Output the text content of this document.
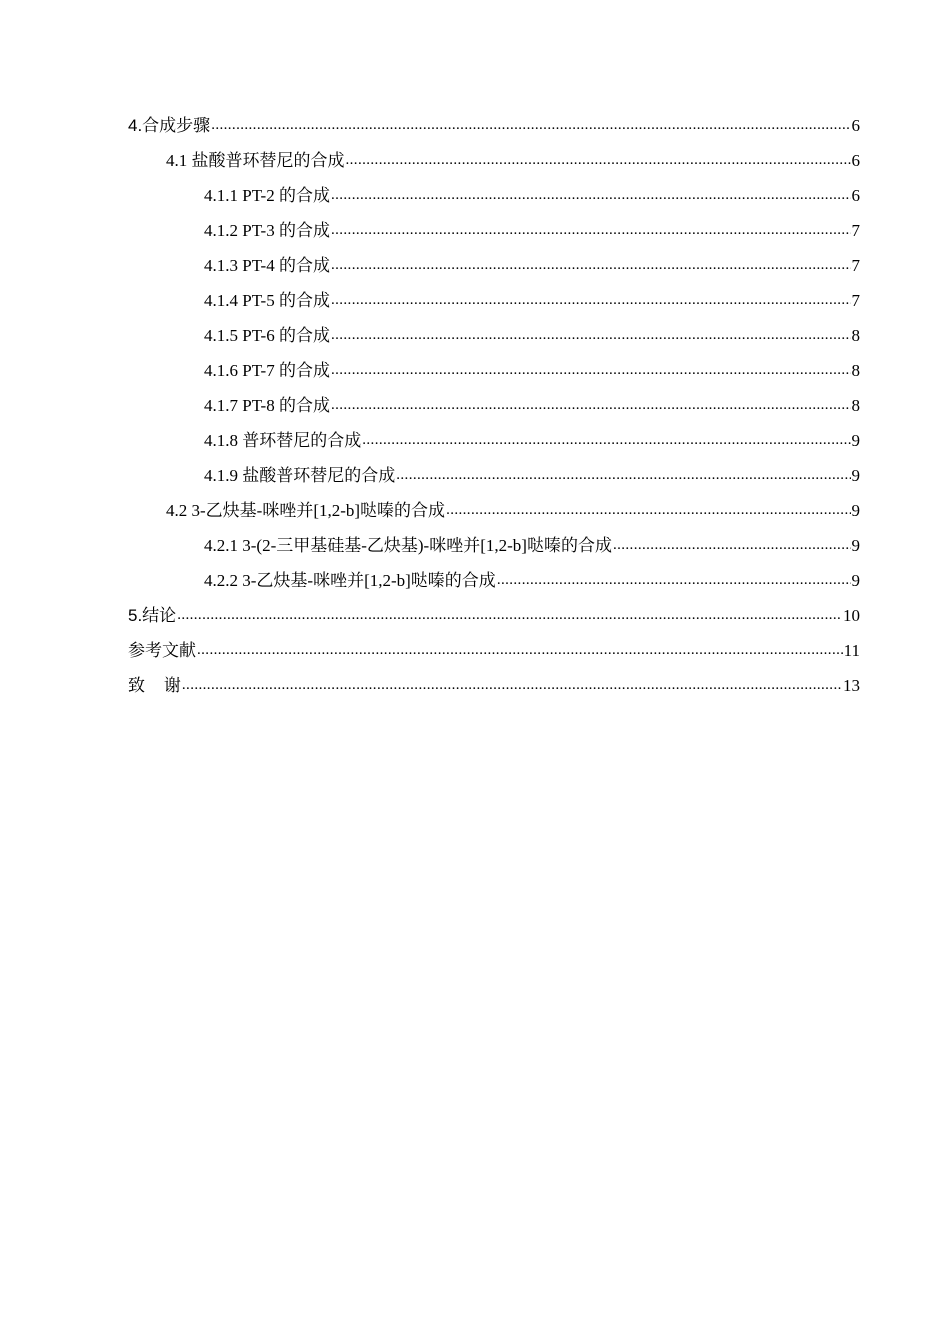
4.合成步骤 .....	6
4.1 盐酸普环替尼的合成 .....	6
4.1.1 PT-2 的合成 .....	6
4.1.2 PT-3 的合成 .....	7
4.1.3 PT-4 的合成 .....	7
4.1.4 PT-5 的合成 .....	7
4.1.5 PT-6 的合成 .....	8
4.1.6 PT-7 的合成 .....	8
4.1.7 PT-8 的合成 .....	8
4.1.8 普环替尼的合成 .....	9
4.1.9 盐酸普环替尼的合成 .....	9
4.2 3-乙炔基-咪唑并[1,2-b]哒嗪的合成 .....	9
4.2.1 3-(2-三甲基硅基-乙炔基)-咪唑并[1,2-b]哒嗪的合成 .....	9
4.2.2 3-乙炔基-咪唑并[1,2-b]哒嗪的合成 .....	9
5.结论 .....	10
参考文献 .....	11
致    谢 .....	13
